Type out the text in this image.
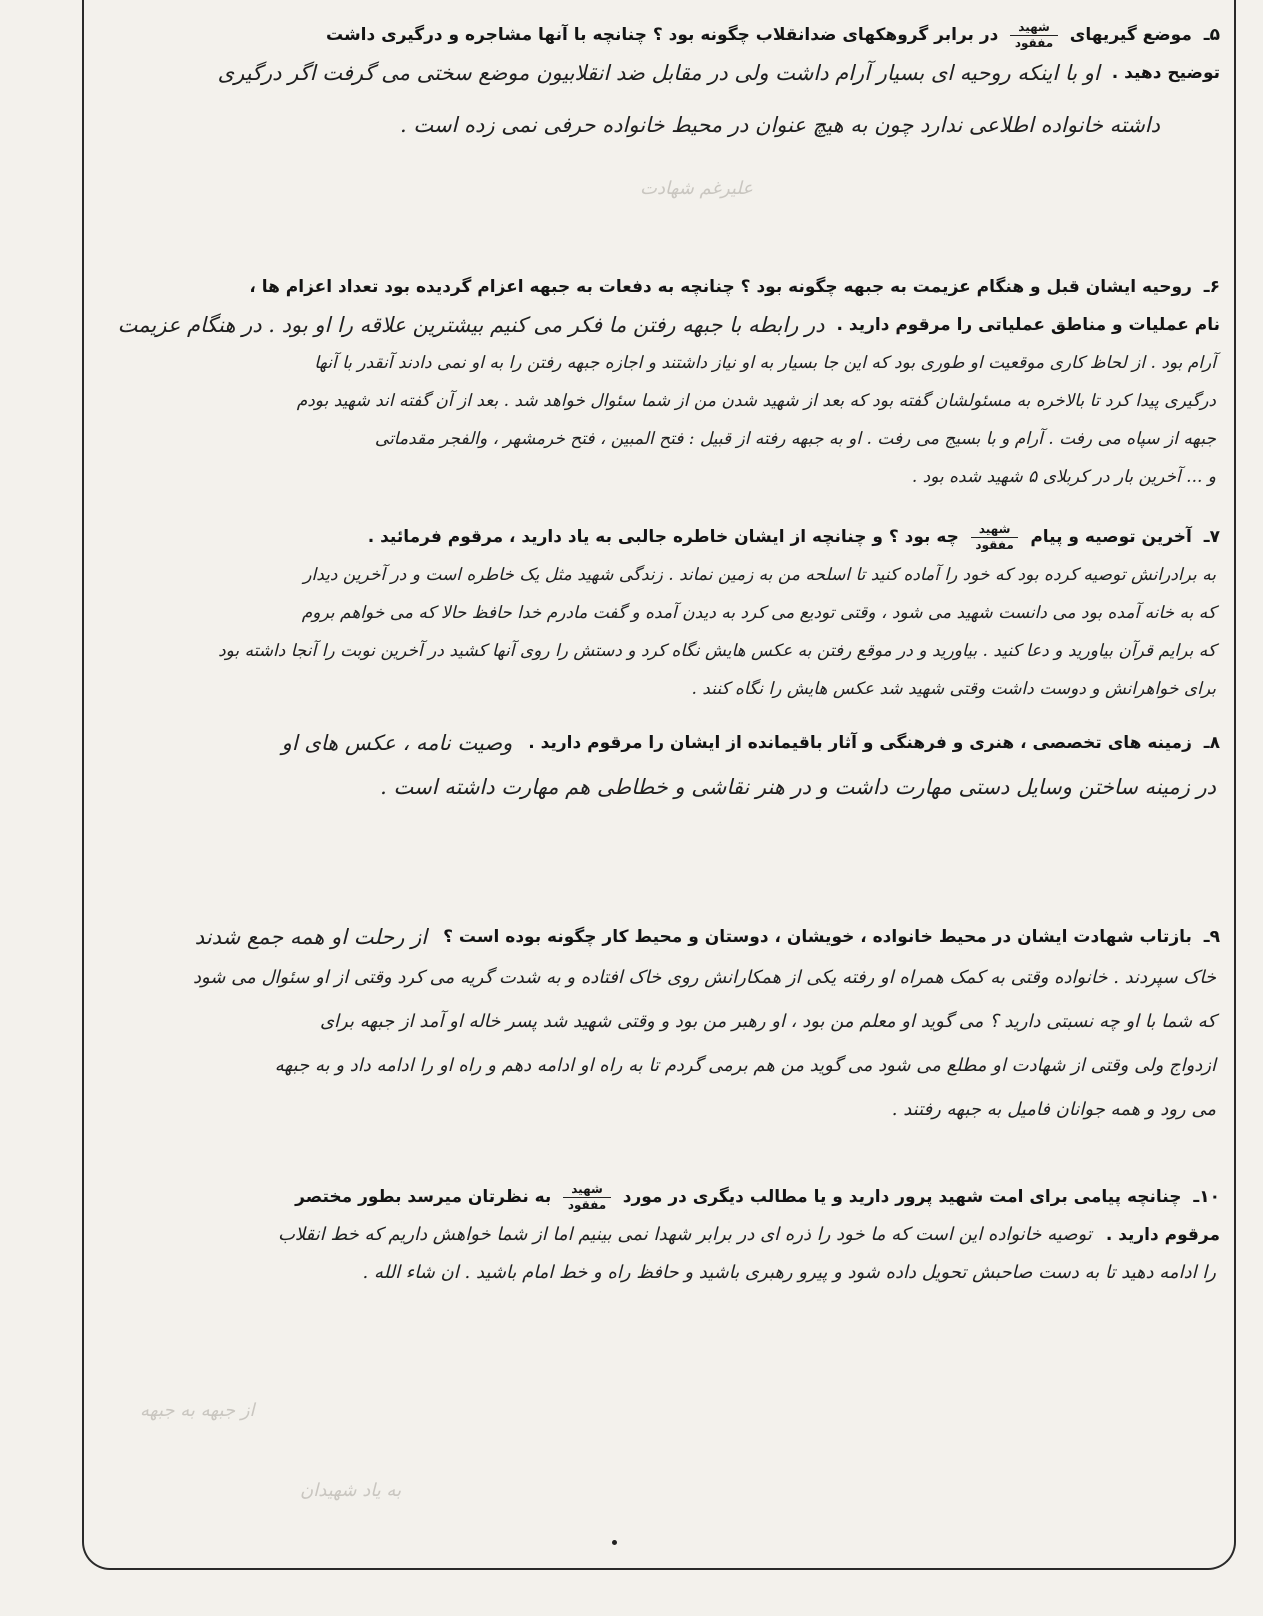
علیرغم شهادت
از جبهه به جبهه
به یاد شهیدان
۵ـ موضع گیریهای
$\frac{\text{شهید}}{\text{مفقود}}$
در برابر گروهکهای ضدانقلاب چگونه بود ؟ چنانچه با آنها مشاجره و درگیری داشت
توضیح دهید .
او با اینکه روحیه ای بسیار آرام داشت ولی در مقابل ضد انقلابیون موضع سختی می گرفت اگر درگیری
داشته خانواده اطلاعی ندارد چون به هیچ عنوان در محیط خانواده حرفی نمی زده است .
۶ـ روحیه ایشان قبل و هنگام عزیمت به جبهه چگونه بود ؟ چنانچه به دفعات به جبهه اعزام گردیده بود تعداد اعزام ها ،
نام عملیات و مناطق عملیاتی را مرقوم دارید .
در رابطه با جبهه رفتن ما فکر می کنیم بیشترین علاقه را او بود . در هنگام عزیمت
آرام بود . از لحاظ کاری موقعیت او طوری بود که این جا بسیار به او نیاز داشتند و اجازه جبهه رفتن را به او نمی دادند آنقدر با آنها
درگیری پیدا کرد تا بالاخره به مسئولشان گفته بود که بعد از شهید شدن من از شما سئوال خواهد شد . بعد از آن گفته اند شهید بودم
جبهه از سپاه می رفت . آرام و با بسیج می رفت . او به جبهه رفته از قبیل : فتح المبین ، فتح خرمشهر ، والفجر مقدماتی
و ... آخرین بار در کربلای ۵ شهید شده بود .
۷ـ آخرین توصیه و پیام
$\frac{\text{شهید}}{\text{مفقود}}$
چه بود ؟ و چنانچه از ایشان خاطره جالبی به یاد دارید ، مرقوم فرمائید .
به برادرانش توصیه کرده بود که خود را آماده کنید تا اسلحه من به زمین نماند . زندگی شهید مثل یک خاطره است و در آخرین دیدار
که به خانه آمده بود می دانست شهید می شود ، وقتی تودیع می کرد به دیدن آمده و گفت مادرم خدا حافظ حالا که می خواهم بروم
که برایم قرآن بیاورید و دعا کنید . بیاورید و در موقع رفتن به عکس هایش نگاه کرد و دستش را روی آنها کشید در آخرین نوبت را آنجا داشته بود
برای خواهرانش و دوست داشت وقتی شهید شد عکس هایش را نگاه کنند .
۸ـ زمینه های تخصصی ، هنری و فرهنگی و آثار باقیمانده از ایشان را مرقوم دارید .
وصیت نامه ، عکس های او
در زمینه ساختن وسایل دستی مهارت داشت و در هنر نقاشی و خطاطی هم مهارت داشته است .
۹ـ بازتاب شهادت ایشان در محیط خانواده ، خویشان ، دوستان و محیط کار چگونه بوده است ؟
از رحلت او همه جمع شدند
خاک سپردند . خانواده وقتی به کمک همراه او رفته یکی از همکارانش روی خاک افتاده و به شدت گریه می کرد وقتی از او سئوال می شود
که شما با او چه نسبتی دارید ؟ می گوید او معلم من بود ، او رهبر من بود و وقتی شهید شد پسر خاله او آمد از جبهه برای
ازدواج ولی وقتی از شهادت او مطلع می شود می گوید من هم برمی گردم تا به راه او ادامه دهم و راه او را ادامه داد و به جبهه
می رود و همه جوانان فامیل به جبهه رفتند .
۱۰ـ چنانچه پیامی برای امت شهید پرور دارید و یا مطالب دیگری در مورد
$\frac{\text{شهید}}{\text{مفقود}}$
به نظرتان میرسد بطور مختصر
مرقوم دارید .
توصیه خانواده این است که ما خود را ذره ای در برابر شهدا نمی بینیم اما از شما خواهش داریم که خط انقلاب
را ادامه دهید تا به دست صاحبش تحویل داده شود و پیرو رهبری باشید و حافظ راه و خط امام باشید . ان شاء الله .
